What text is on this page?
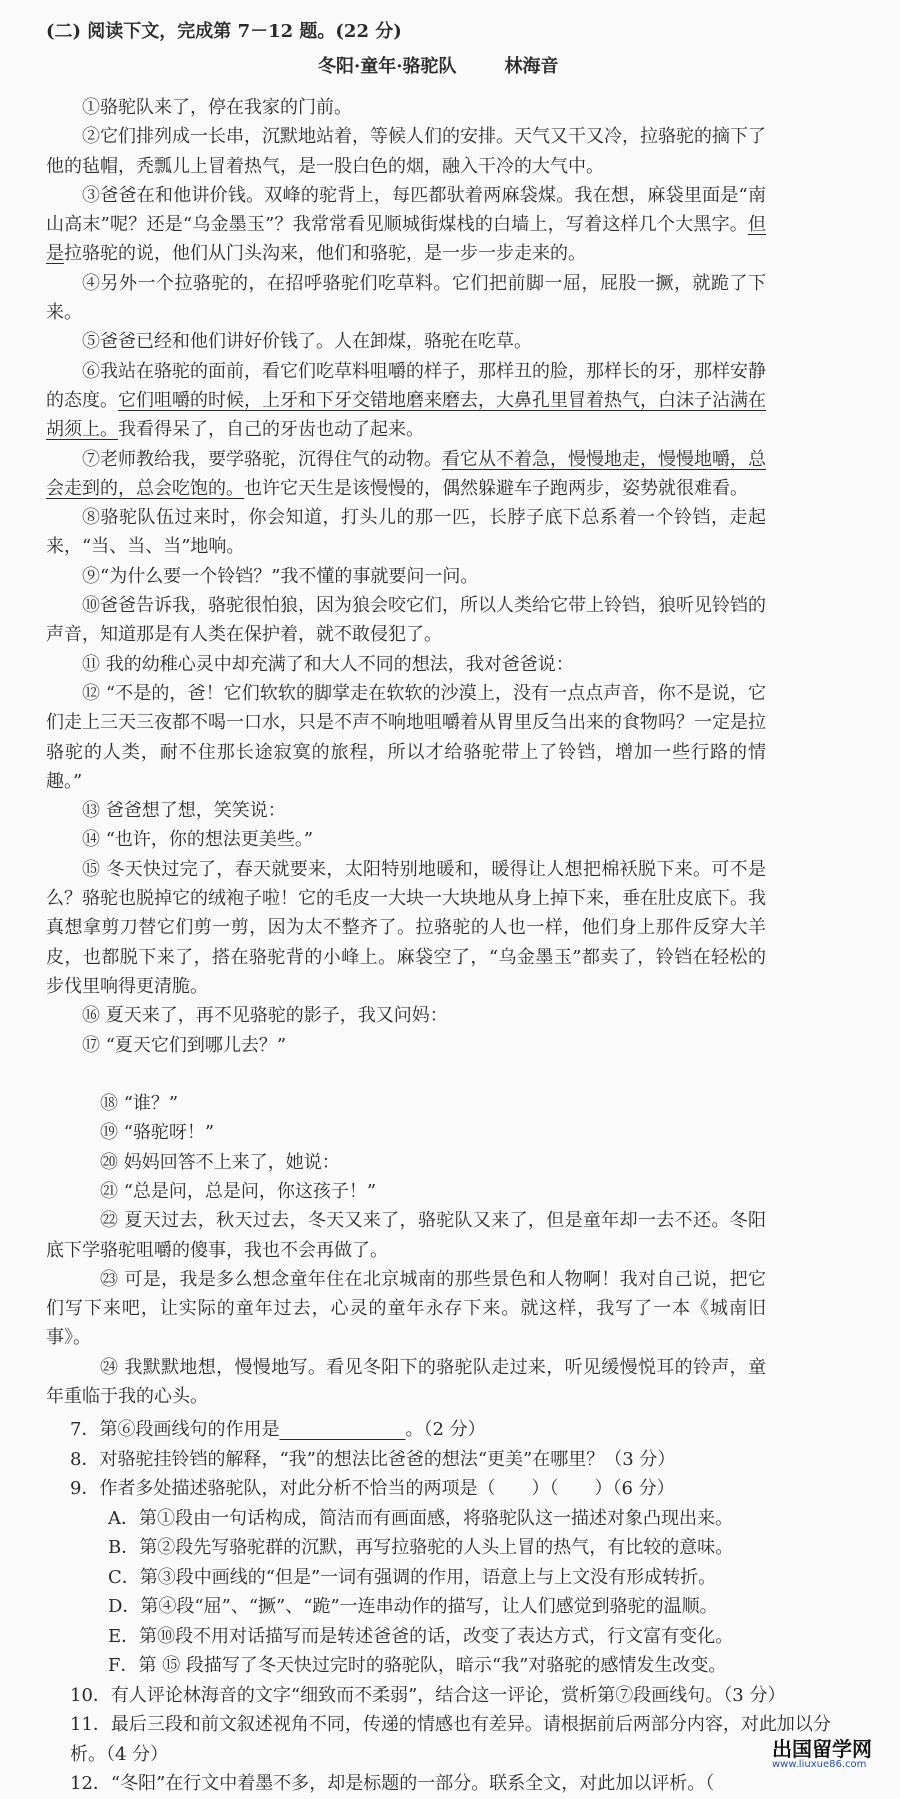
(二) 阅读下文，完成第 7－12 题。(22 分)
冬阳·童年·骆驼队	林海音

①骆驼队来了，停在我家的门前。

②它们排列成一长串，沉默地站着，等候人们的安排。天气又干又冷，拉骆驼的摘下了他的毡帽，秃瓢儿上冒着热气，是一股白色的烟，融入干冷的大气中。

③爸爸在和他讲价钱。双峰的驼背上，每匹都驮着两麻袋煤。我在想，麻袋里面是“南山高末”呢？还是“乌金墨玉”？我常常看见顺城街煤栈的白墙上，写着这样几个大黑字。但是拉骆驼的说，他们从门头沟来，他们和骆驼，是一步一步走来的。

④另外一个拉骆驼的，在招呼骆驼们吃草料。它们把前脚一屈，屁股一撅，就跪了下来。

⑤爸爸已经和他们讲好价钱了。人在卸煤，骆驼在吃草。

⑥我站在骆驼的面前，看它们吃草料咀嚼的样子，那样丑的脸，那样长的牙，那样安静的态度。它们咀嚼的时候，上牙和下牙交错地磨来磨去，大鼻孔里冒着热气，白沫子沾满在胡须上。我看得呆了，自己的牙齿也动了起来。

⑦老师教给我，要学骆驼，沉得住气的动物。看它从不着急，慢慢地走，慢慢地嚼，总会走到的，总会吃饱的。也许它天生是该慢慢的，偶然躲避车子跑两步，姿势就很难看。

⑧骆驼队伍过来时，你会知道，打头儿的那一匹，长脖子底下总系着一个铃铛，走起来，“当、当、当”地响。

⑨“为什么要一个铃铛？”我不懂的事就要问一问。

⑩爸爸告诉我，骆驼很怕狼，因为狼会咬它们，所以人类给它带上铃铛，狼听见铃铛的声音，知道那是有人类在保护着，就不敢侵犯了。

⑪ 我的幼稚心灵中却充满了和大人不同的想法，我对爸爸说：

⑫ “不是的，爸！它们软软的脚掌走在软软的沙漠上，没有一点点声音，你不是说，它们走上三天三夜都不喝一口水，只是不声不响地咀嚼着从胃里反刍出来的食物吗？一定是拉骆驼的人类，耐不住那长途寂寞的旅程，所以才给骆驼带上了铃铛，增加一些行路的情趣。”

⑬ 爸爸想了想，笑笑说：

⑭ “也许，你的想法更美些。”

⑮ 冬天快过完了，春天就要来，太阳特别地暖和，暖得让人想把棉袄脱下来。可不是么？骆驼也脱掉它的绒袍子啦！它的毛皮一大块一大块地从身上掉下来，垂在肚皮底下。我真想拿剪刀替它们剪一剪，因为太不整齐了。拉骆驼的人也一样，他们身上那件反穿大羊皮，也都脱下来了，搭在骆驼背的小峰上。麻袋空了，“乌金墨玉”都卖了，铃铛在轻松的步伐里响得更清脆。

⑯ 夏天来了，再不见骆驼的影子，我又问妈：

⑰ “夏天它们到哪儿去？”

⑱ “谁？”

⑲ “骆驼呀！”

⑳ 妈妈回答不上来了，她说：

㉑ “总是问，总是问，你这孩子！”

㉒ 夏天过去，秋天过去，冬天又来了，骆驼队又来了，但是童年却一去不还。冬阳底下学骆驼咀嚼的傻事，我也不会再做了。

㉓ 可是，我是多么想念童年住在北京城南的那些景色和人物啊！我对自己说，把它们写下来吧，让实际的童年过去，心灵的童年永存下来。就这样，我写了一本《城南旧事》。

㉔ 我默默地想，慢慢地写。看见冬阳下的骆驼队走过来，听见缓慢悦耳的铃声，童年重临于我的心头。

7．第⑥段画线句的作用是　　　　　　　	。（2 分）

8．对骆驼挂铃铛的解释，“我”的想法比爸爸的想法“更美”在哪里？（3 分）

9．作者多处描述骆驼队，对此分析不恰当的两项是（　　）（　　）（6 分）

A．第①段由一句话构成，简洁而有画面感，将骆驼队这一描述对象凸现出来。

B．第②段先写骆驼群的沉默，再写拉骆驼的人头上冒的热气，有比较的意味。

C．第③段中画线的“但是”一词有强调的作用，语意上与上文没有形成转折。

D．第④段“屈”、“撅”、“跪”一连串动作的描写，让人们感觉到骆驼的温顺。

E．第⑩段不用对话描写而是转述爸爸的话，改变了表达方式，行文富有变化。

F．第 ⑮ 段描写了冬天快过完时的骆驼队，暗示“我”对骆驼的感情发生改变。

10．有人评论林海音的文字“细致而不柔弱”，结合这一评论，赏析第⑦段画线句。（3 分）

11．最后三段和前文叙述视角不同，传递的情感也有差异。请根据前后两部分内容，对此加以分析。（4 分）

12．“冬阳”在行文中着墨不多，却是标题的一部分。联系全文，对此加以评析。（

出国留学网
www.liuxue86.com
